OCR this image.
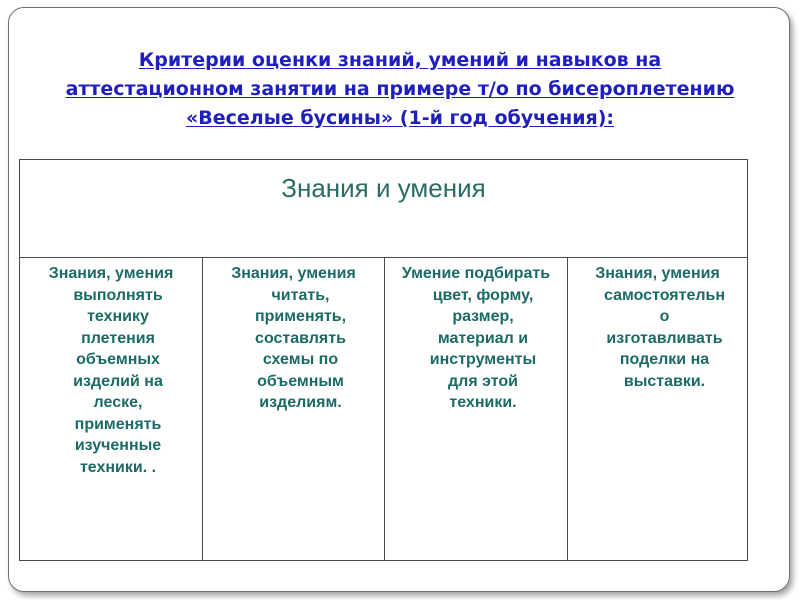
Критерии оценки знаний, умений и навыков на
аттестационном занятии на примере т/о по бисероплетению
«Веселые бусины» (1-й год обучения):
Знания и умения
Знания, умения
выполнять
технику
плетения
объемных
изделий на
леске,
применять
изученные
техники. .
Знания, умения
читать,
применять,
составлять
схемы по
объемным
изделиям.
Умение подбирать
цвет, форму,
размер,
материал и
инструменты
для этой
техники.
Знания, умения
самостоятельн
о
изготавливать
поделки на
выставки.
